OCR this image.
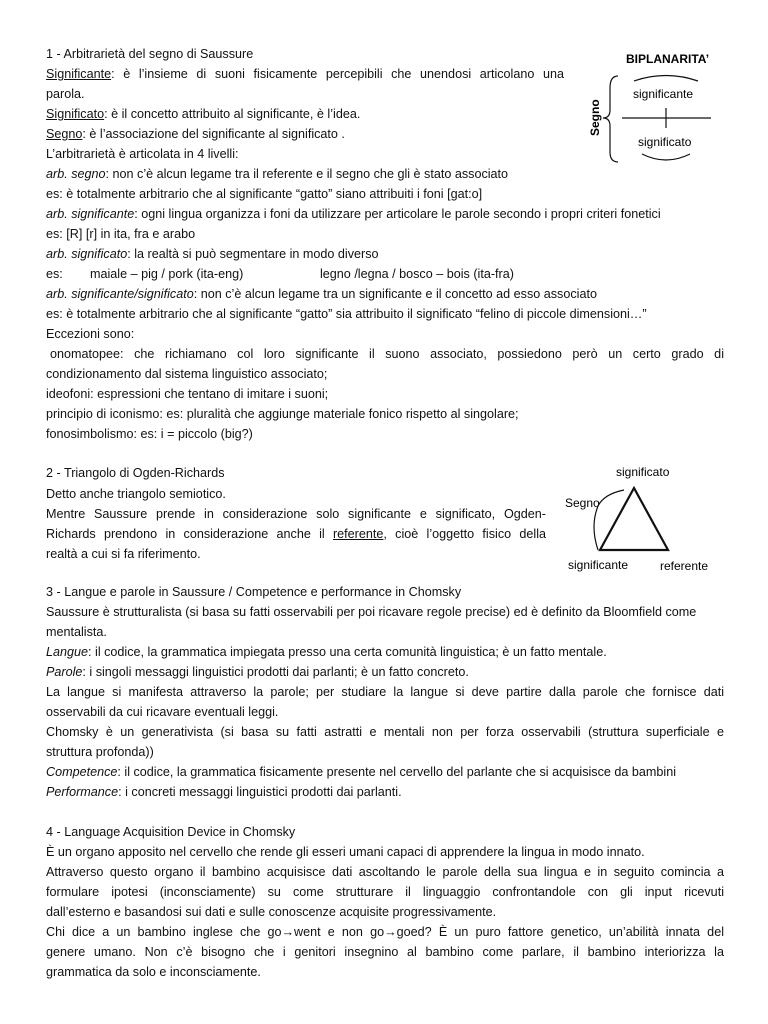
1 - Arbitrarietà del segno di Saussure
Significante: è l’insieme di suoni fisicamente percepibili che unendosi articolano una
parola.
Significato: è il concetto attribuito al significante, è l’idea.
Segno: è l’associazione del significante al significato .
L’arbitrarietà è articolata in 4 livelli:
arb. segno: non c’è alcun legame tra il referente e il segno che gli è stato associato
es: è totalmente arbitrario che al significante “gatto” siano attribuiti i foni [gat:o]
arb. significante: ogni lingua organizza i foni da utilizzare per articolare le parole secondo i propri criteri fonetici
es: [R] [r] in ita, fra e arabo
arb. significato: la realtà si può segmentare in modo diverso
es: maiale – pig / pork (ita-eng)	legno /legna / bosco – bois (ita-fra)
arb. significante/significato: non c’è alcun legame tra un significante e il concetto ad esso associato
es: è totalmente arbitrario che al significante “gatto” sia attribuito il significato “felino di piccole dimensioni…”
Eccezioni sono:
onomatopee: che richiamano col loro significante il suono associato, possiedono però un certo grado di
condizionamento dal sistema linguistico associato;
ideofoni: espressioni che tentano di imitare i suoni;
principio di iconismo: es: pluralità che aggiunge materiale fonico rispetto al singolare;
fonosimbolismo: es: i = piccolo (big?)
BIPLANARITA’
significante
significato
Segno
2 - Triangolo di Ogden-Richards
Detto anche triangolo semiotico.
Mentre Saussure prende in considerazione solo significante e significato, Ogden-
Richards prendono in considerazione anche il referente, cioè l’oggetto fisico della
realtà a cui si fa riferimento.
significato
Segno
significante	referente
3 - Langue e parole in Saussure / Competence e performance in Chomsky
Saussure è strutturalista (si basa su fatti osservabili per poi ricavare regole precise) ed è definito da Bloomfield come
mentalista.
Langue: il codice, la grammatica impiegata presso una certa comunità linguistica; è un fatto mentale.
Parole: i singoli messaggi linguistici prodotti dai parlanti; è un fatto concreto.
La langue si manifesta attraverso la parole; per studiare la langue si deve partire dalla parole che fornisce dati
osservabili da cui ricavare eventuali leggi.
Chomsky è un generativista (si basa su fatti astratti e mentali non per forza osservabili (struttura superficiale e
struttura profonda))
Competence: il codice, la grammatica fisicamente presente nel cervello del parlante che si acquisisce da bambini
Performance: i concreti messaggi linguistici prodotti dai parlanti.
4 - Language Acquisition Device in Chomsky
È un organo apposito nel cervello che rende gli esseri umani capaci di apprendere la lingua in modo innato.
Attraverso questo organo il bambino acquisisce dati ascoltando le parole della sua lingua e in seguito comincia a
formulare ipotesi (inconsciamente) su come strutturare il linguaggio confrontandole con gli input ricevuti
dall’esterno e basandosi sui dati e sulle conoscenze acquisite progressivamente.
Chi dice a un bambino inglese che go→went e non go→goed? È un puro fattore genetico, un’abilità innata del
genere umano. Non c’è bisogno che i genitori insegnino al bambino come parlare, il bambino interiorizza la
grammatica da solo e inconsciamente.
